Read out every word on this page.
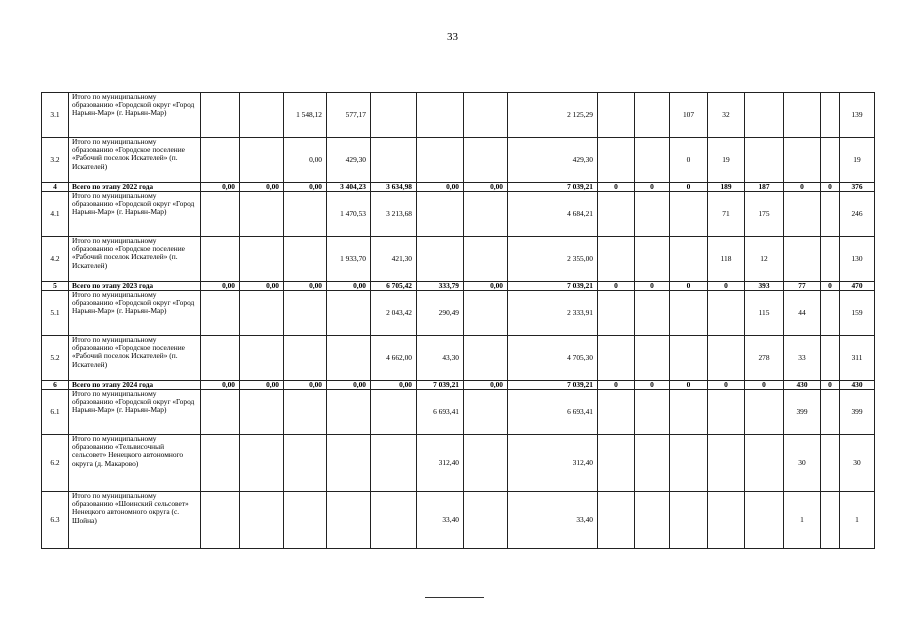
33
3.1	Итого по муниципальному образованию «Городской округ «Город Нарьян-Мар» (г. Нарьян-Мар)			1 548,12	577,17				2 125,29			107	32				139
3.2	Итого по муниципальному образованию «Городское поселение «Рабочий поселок Искателей» (п. Искателей)			0,00	429,30				429,30			0	19				19
4	Всего по этапу 2022 года	0,00	0,00	0,00	3 404,23	3 634,98	0,00	0,00	7 039,21	0	0	0	189	187	0	0	376
4.1	Итого по муниципальному образованию «Городской округ «Город Нарьян-Мар» (г. Нарьян-Мар)				1 470,53	3 213,68			4 684,21				71	175			246
4.2	Итого по муниципальному образованию «Городское поселение «Рабочий поселок Искателей» (п. Искателей)				1 933,70	421,30			2 355,00				118	12			130
5	Всего по этапу 2023 года	0,00	0,00	0,00	0,00	6 705,42	333,79	0,00	7 039,21	0	0	0	0	393	77	0	470
5.1	Итого по муниципальному образованию «Городской округ «Город Нарьян-Мар» (г. Нарьян-Мар)					2 043,42	290,49		2 333,91					115	44		159
5.2	Итого по муниципальному образованию «Городское поселение «Рабочий поселок Искателей» (п. Искателей)					4 662,00	43,30		4 705,30					278	33		311
6	Всего по этапу 2024 года	0,00	0,00	0,00	0,00	0,00	7 039,21	0,00	7 039,21	0	0	0	0	0	430	0	430
6.1	Итого по муниципальному образованию «Городской округ «Город Нарьян-Мар» (г. Нарьян-Мар)						6 693,41		6 693,41						399		399
6.2	Итого по муниципальному образованию «Тельвисочный сельсовет» Ненецкого автономного округа (д. Макарово)						312,40		312,40						30		30
6.3	Итого по муниципальному образованию «Шоинский сельсовет» Ненецкого автономного округа (с. Шойна)						33,40		33,40						1		1
